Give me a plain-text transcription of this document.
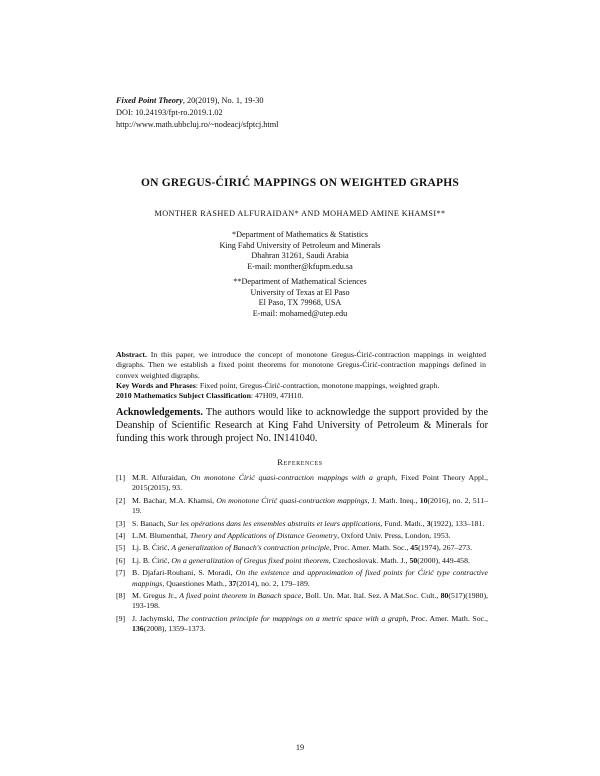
Fixed Point Theory, 20(2019), No. 1, 19-30
DOI: 10.24193/fpt-ro.2019.1.02
http://www.math.ubbcluj.ro/~nodeacj/sfptcj.html
ON GREGUS-ĆIRIĆ MAPPINGS ON WEIGHTED GRAPHS
MONTHER RASHED ALFURAIDAN* AND MOHAMED AMINE KHAMSI**
*Department of Mathematics & Statistics
King Fahd University of Petroleum and Minerals
Dhahran 31261, Saudi Arabia
E-mail: monther@kfupm.edu.sa
**Department of Mathematical Sciences
University of Texas at El Paso
El Paso, TX 79968, USA
E-mail: mohamed@utep.edu

Abstract. In this paper, we introduce the concept of monotone Gregus-Ćirić-contraction mappings in weighted digraphs. Then we establish a fixed point theorems for monotone Gregus-Ćirić-contraction mappings defined in convex weighted digraphs.

Key Words and Phrases: Fixed point, Gregus-Ćirić-contraction, monotone mappings, weighted graph.

2010 Mathematics Subject Classification: 47H09, 47H10.

Acknowledgements. The authors would like to acknowledge the support provided by the Deanship of Scientific Research at King Fahd University of Petroleum & Minerals for funding this work through project No. IN141040.
References
[1] M.R. Alfuraidan, On monotone Ćirić quasi-contraction mappings with a graph, Fixed Point Theory Appl., 2015(2015), 93.
[2] M. Bachar, M.A. Khamsi, On monotone Ćirić quasi-contraction mappings, J. Math. Ineq., 10(2016), no. 2, 511–19.
[3] S. Banach, Sur les opérations dans les ensembles abstraits et leurs applications, Fund. Math., 3(1922), 133–181.
[4] L.M. Blumenthal, Theory and Applications of Distance Geometry, Oxford Univ. Press, London, 1953.
[5] Lj. B. Ćirić, A generalization of Banach's contraction principle, Proc. Amer. Math. Soc., 45(1974), 267–273.
[6] Lj. B. Ćirić, On a generalization of Gregus fixed point theorem, Czechoslovak. Math. J., 50(2000), 449-458.
[7] B. Djafari-Rouhani, S. Moradi, On the existence and approximation of fixed points for Ćirić type contractive mappings, Quaestiones Math., 37(2014), no. 2, 179–189.
[8] M. Gregus Jr., A fixed point theorem in Banach space, Boll. Un. Mat. Ital. Sez. A Mat.Soc. Cult., 80(517)(1980), 193-198.
[9] J. Jachymski, The contraction principle for mappings on a metric space with a graph, Proc. Amer. Math. Soc., 136(2008), 1359–1373.
19
